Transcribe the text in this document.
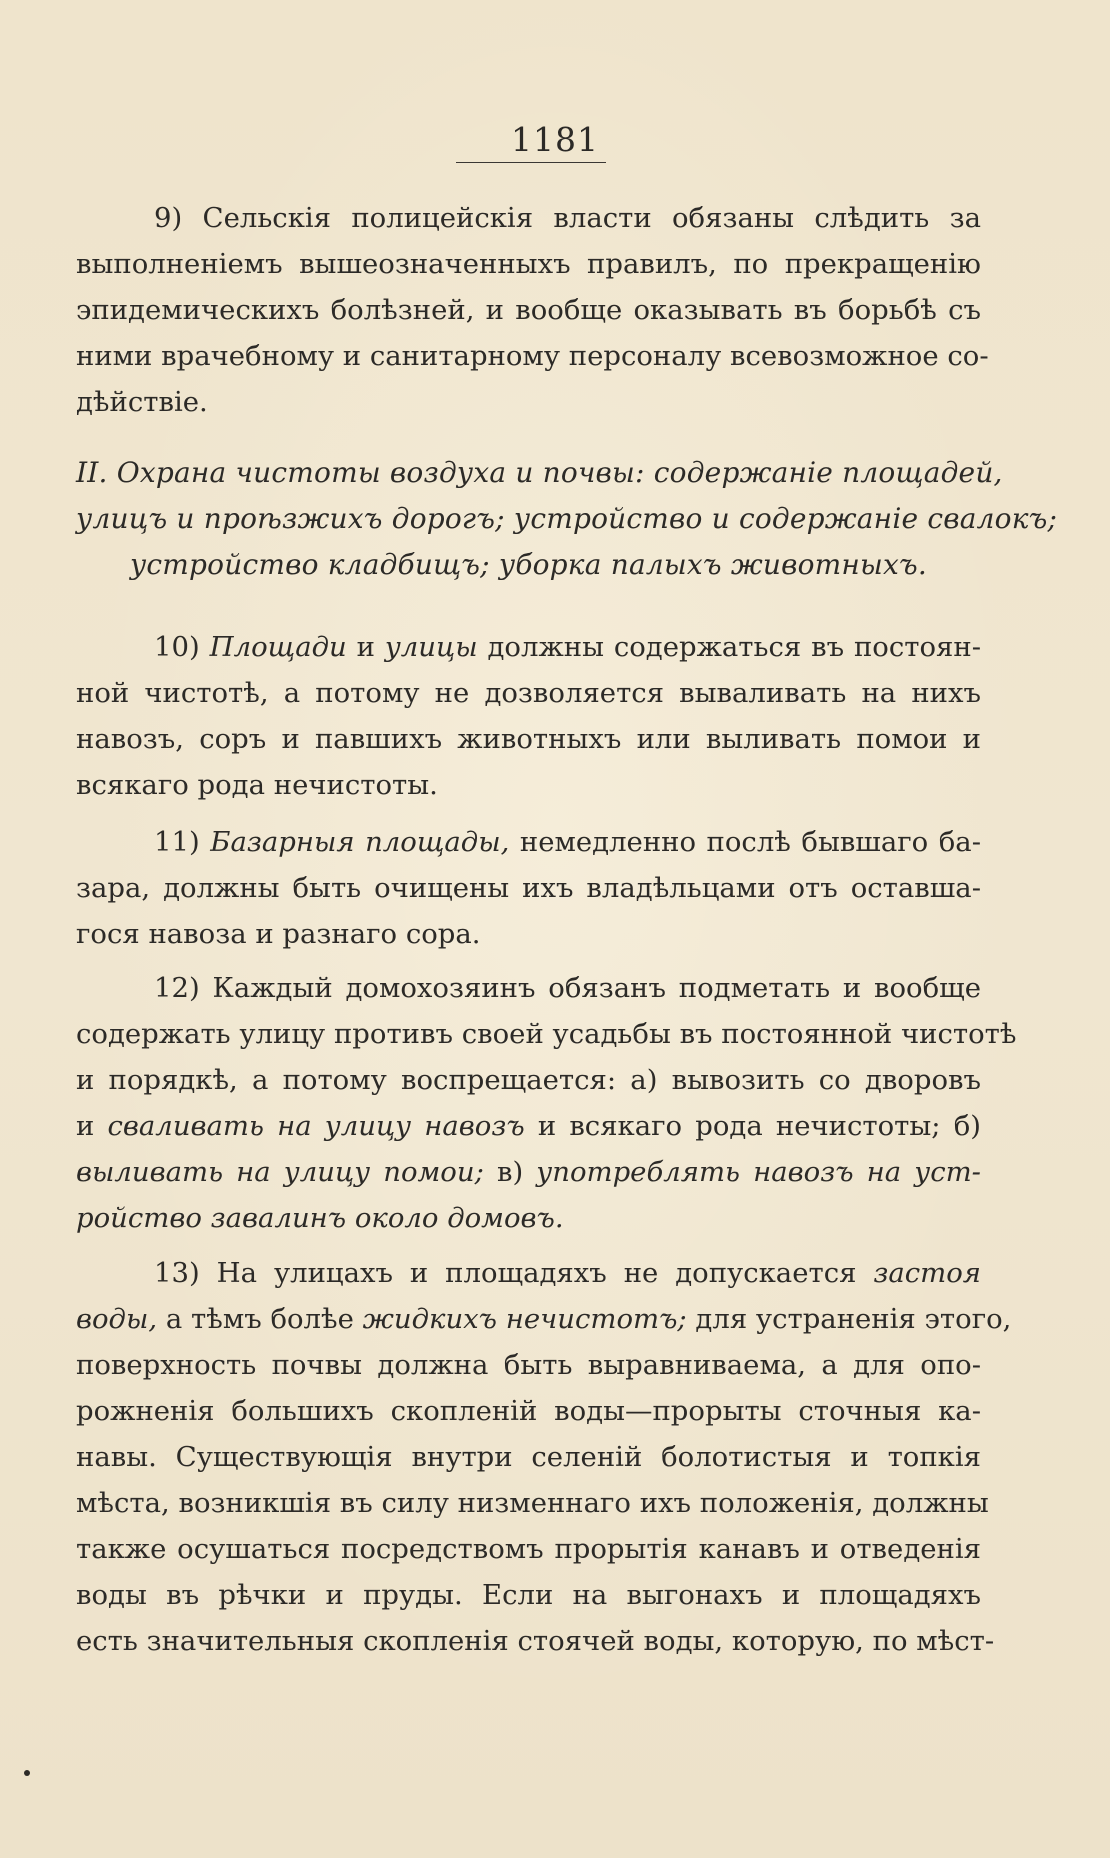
1181
9) Сельскія полицейскія власти обязаны слѣдить за
выполненіемъ вышеозначенныхъ правилъ, по прекращенію
эпидемическихъ болѣзней, и вообще оказывать въ борьбѣ съ
ними врачебному и санитарному персоналу всевозможное со-
дѣйствіе.
II. Охрана чистоты воздуха и почвы: содержаніе площадей,
улицъ и проѣзжихъ дорогъ; устройство и содержаніе свалокъ;
устройство кладбищъ; уборка палыхъ животныхъ.
10) Площади и улицы должны содержаться въ постоян-
ной чистотѣ, а потому не дозволяется вываливать на нихъ
навозъ, соръ и павшихъ животныхъ или выливать помои и
всякаго рода нечистоты.
11) Базарныя площады, немедленно послѣ бывшаго ба-
зара, должны быть очищены ихъ владѣльцами отъ оставша-
гося навоза и разнаго сора.
12) Каждый домохозяинъ обязанъ подметать и вообще
содержать улицу противъ своей усадьбы въ постоянной чистотѣ
и порядкѣ, а потому воспрещается: а) вывозить со дворовъ
и свалuвать на улицу навозъ и всякаго рода нечистоты; б)
выливать на улицу помои; в) употреблять навозъ на уст-
ройство завалинъ около домовъ.
13) На улицахъ и площадяхъ не допускается застоя
воды, а тѣмъ болѣе жидкихъ нечистотъ; для устраненія этого,
поверхность почвы должна быть выравниваема, а для опо-
рожненія большихъ скопленій воды—прорыты сточныя ка-
навы. Существующія внутри селеній болотистыя и топкія
мѣста, возникшія въ силу низменнаго ихъ положенія, должны
также осушаться посредствомъ прорытія канавъ и отведенія
воды въ рѣчки и пруды. Если на выгонахъ и площадяхъ
есть значительныя скопленія стоячей воды, которую, по мѣст-
